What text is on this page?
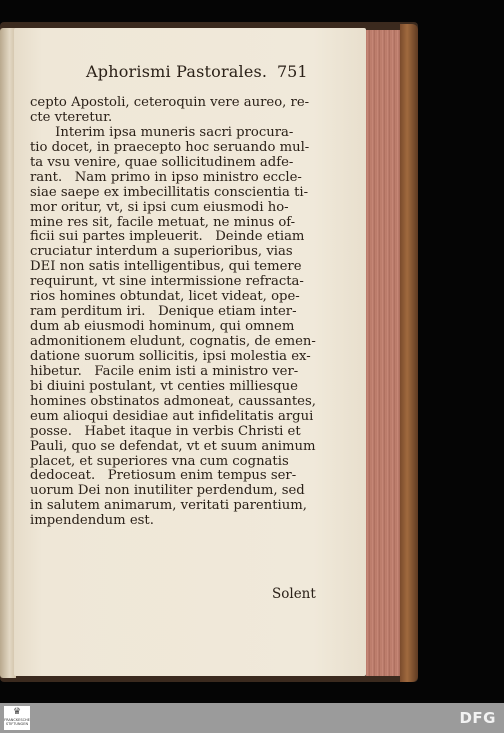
Aphorismi Pastorales. 751
cepto Apostoli, ceteroquin vere aureo, re-
cte vteretur.
Interim ipsa muneris sacri procura-
tio docet, in praecepto hoc seruando mul-
ta vsu venire, quae sollicitudinem adfe-
rant.   Nam primo in ipso ministro eccle-
siae saepe ex imbecillitatis conscientia ti-
mor oritur, vt, si ipsi cum eiusmodi ho-
mine res sit, facile metuat, ne minus of-
ficii sui partes impleuerit.   Deinde etiam
cruciatur interdum a superioribus, vias
DEI non satis intelligentibus, qui temere
requirunt, vt sine intermissione refracta-
rios homines obtundat, licet videat, ope-
ram perditum iri.   Denique etiam inter-
dum ab eiusmodi hominum, qui omnem
admonitionem eludunt, cognatis, de emen-
datione suorum sollicitis, ipsi molestia ex-
hibetur.   Facile enim isti a ministro ver-
bi diuini postulant, vt centies milliesque
homines obstinatos admoneat, caussantes,
eum alioqui desidiae aut infidelitatis argui
posse.   Habet itaque in verbis Christi et
Pauli, quo se defendat, vt et suum animum
placet, et superiores vna cum cognatis
dedoceat.   Pretiosum enim tempus ser-
uorum Dei non inutiliter perdendum, sed
in salutem animarum, veritati parentium,
impendendum est.
Solent
♛
FRANCKESCHE STIFTUNGEN	DFG
